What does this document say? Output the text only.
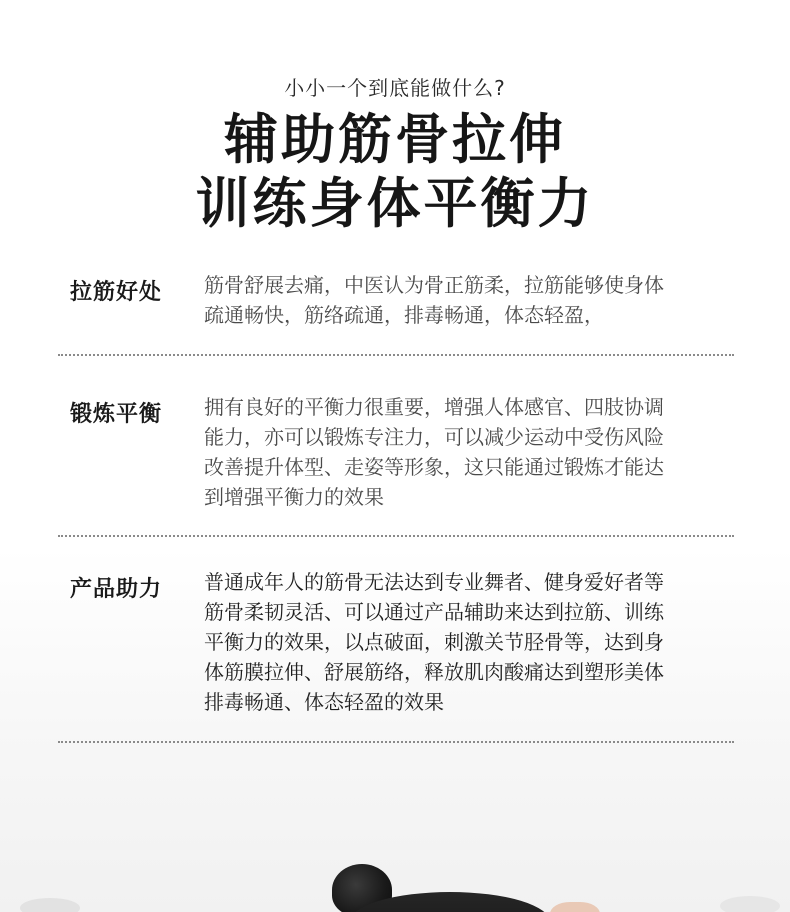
小小一个到底能做什么?
辅助筋骨拉伸
训练身体平衡力
拉筋好处 筋骨舒展去痛，中医认为骨正筋柔，拉筋能够使身体
疏通畅快，筋络疏通，排毒畅通，体态轻盈，

锻炼平衡 拥有良好的平衡力很重要，增强人体感官、四肢协调
能力，亦可以锻炼专注力，可以减少运动中受伤风险
改善提升体型、走姿等形象，这只能通过锻炼才能达
到增强平衡力的效果

产品助力 普通成年人的筋骨无法达到专业舞者、健身爱好者等
筋骨柔韧灵活、可以通过产品辅助来达到拉筋、训练
平衡力的效果，以点破面，刺激关节胫骨等，达到身
体筋膜拉伸、舒展筋络，释放肌肉酸痛达到塑形美体
排毒畅通、体态轻盈的效果
